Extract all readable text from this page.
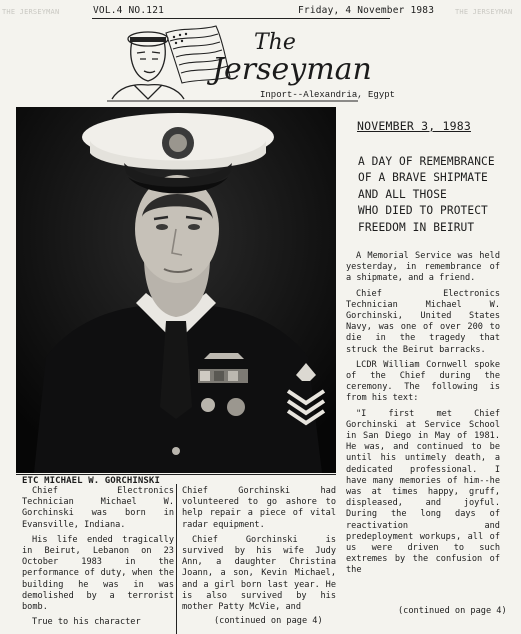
THE JERSEYMAN	VOL.4 NO.121	Friday, 4 November 1983	THE JERSEYMAN
The
Jerseyman
Inport--Alexandria, Egypt
ETC MICHAEL W. GORCHINSKI
NOVEMBER 3, 1983
A DAY OF REMEMBRANCE
OF A BRAVE SHIPMATE
AND ALL THOSE
WHO DIED TO PROTECT
FREEDOM IN BEIRUT

A Memorial Service was held yesterday, in remembrance of a shipmate, and a friend.

Chief Electronics Technician Michael W. Gorchinski, United States Navy, was one of over 200 to die in the tragedy that struck the Beirut barracks.

LCDR William Cornwell spoke of the Chief during the ceremony. The following is from his text:

"I first met Chief Gorchinski at Service School in San Diego in May of 1981. He was, and continued to be until his untimely death, a dedicated professional. I have many memories of him--he was at times happy, gruff, displeased, and joyful. During the long days of reactivation and predeployment workups, all of us were driven to such extremes by the confusion of the

(continued on page 4)

Chief Electronics Technician Michael W. Gorchinski was born in Evansville, Indiana.

His life ended tragically in Beirut, Lebanon on 23 October 1983 in the performance of duty, when the building he was in was demolished by a terrorist bomb.

True to his character

Chief Gorchinski had volunteered to go ashore to help repair a piece of vital radar equipment.

Chief Gorchinski is survived by his wife Judy Ann, a daughter Christina Joann, a son, Kevin Michael, and a girl born last year. He is also survived by his mother Patty McVie, and

(continued on page 4)
